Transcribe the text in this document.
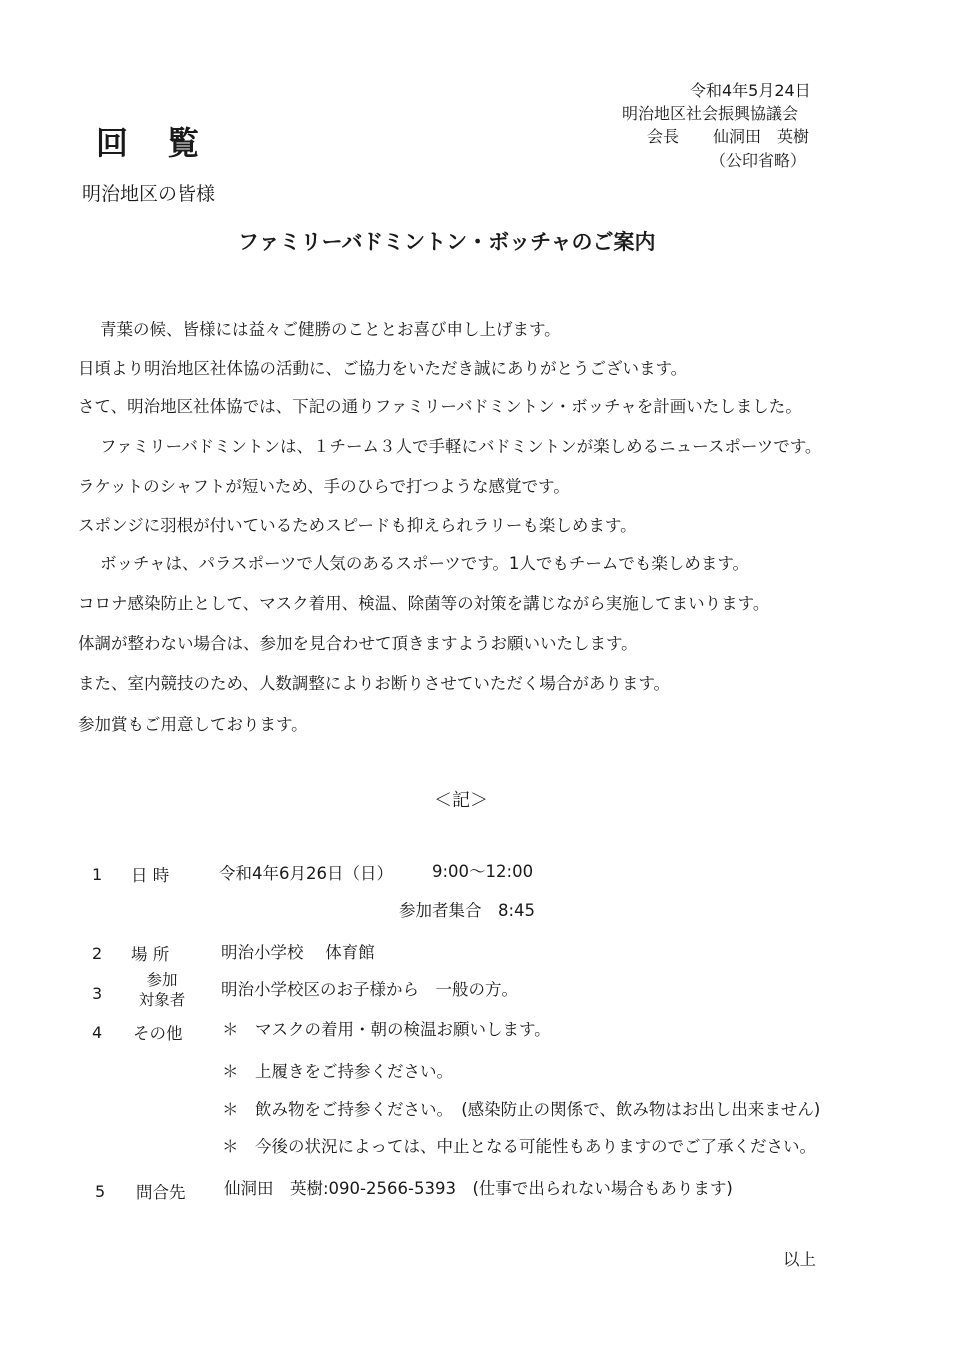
回 覧
令和4年5月24日
明治地区社会振興協議会
会長 仙洞田　英樹
（公印省略）
明治地区の皆様
ファミリーバドミントン・ボッチャのご案内
青葉の候、皆様には益々ご健勝のこととお喜び申し上げます。
日頃より明治地区社体協の活動に、ご協力をいただき誠にありがとうございます。
さて、明治地区社体協では、下記の通りファミリーバドミントン・ボッチャを計画いたしました。
ファミリーバドミントンは、１チーム３人で手軽にバドミントンが楽しめるニュースポーツです。
ラケットのシャフトが短いため、手のひらで打つような感覚です。
スポンジに羽根が付いているためスピードも抑えられラリーも楽しめます。
ボッチャは、パラスポーツで人気のあるスポーツです。1人でもチームでも楽しめます。
コロナ感染防止として、マスク着用、検温、除菌等の対策を講じながら実施してまいります。
体調が整わない場合は、参加を見合わせて頂きますようお願いいたします。
また、室内競技のため、人数調整によりお断りさせていただく場合があります。
参加賞もご用意しております。
＜記＞
1 日 時	令和4年6月26日（日） 9:00～12:00
参加者集合　8:45
2 場 所	明治小学校　 体育館
3
参加
対象者
明治小学校区のお子様から　一般の方。
4 その他 ＊　マスクの着用・朝の検温お願いします。
＊　上履きをご持参ください。
＊　飲み物をご持参ください。　(感染防止の関係で、飲み物はお出し出来ません)
＊　今後の状況によっては、中止となる可能性もありますのでご了承ください。
5 問合先 仙洞田　英樹:090-2566-5393　(仕事で出られない場合もあります)
以上
